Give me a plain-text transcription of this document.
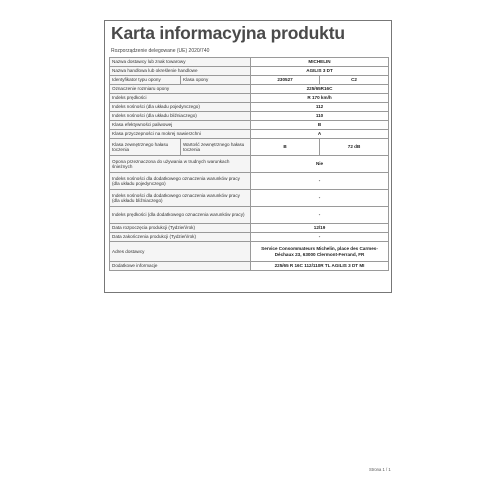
Karta informacyjna produktu
Rozporządzenie delegowane (UE) 2020/740
Nazwa dostawcy lub znak towarowy		MICHELIN	
Nazwa handlowa lub określenie handlowe		AGILIS 3 DT	
Identyfikator typu opony	Klasa opony	230527	C2
Oznaczenie rozmiaru opony		225/65R16C	
Indeks prędkości		R 170 km/h	
Indeks nośności (dla układu pojedynczego)		112	
Indeks nośności (dla układu bliźniaczego)		110	
Klasa efektywności paliwowej		B	
Klasa przyczepności na mokrej nawierzchni		A	
Klasa zewnętrznego hałasu toczenia	Wartość zewnętrznego hałasu toczenia	B	72 dB
Opona przeznaczona do używania w trudnych warunkach śnieżnych		Nie	
Indeks nośności dla dodatkowego oznaczenia warunków pracy (dla układu pojedynczego)		-	
Indeks nośności dla dodatkowego oznaczenia warunków pracy (dla układu bliźniaczego)		-	
Indeks prędkości (dla dodatkowego oznaczenia warunków pracy)		-	
Data rozpoczęcia produkcji (Tydzień/rok)		12/19	
Data zakończenia produkcji (Tydzień/rok)		-	
Adres dostawcy		Service Consommateurs Michelin, place des Carmes-Déchaux 23, 63000 Clermont-Ferrand, FR	
Dodatkowe informacje		225/65 R 16C 112/110R TL AGILIS 3 DT MI	
Strona 1 / 1
